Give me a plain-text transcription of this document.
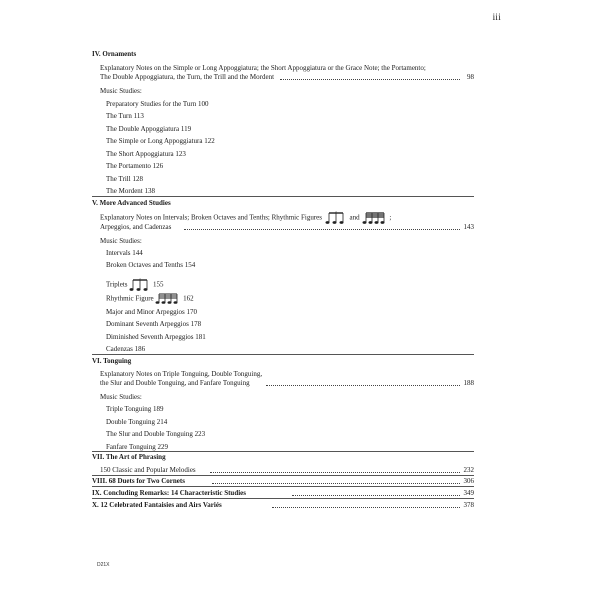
iii
IV. Ornaments
Explanatory Notes on the Simple or Long Appoggiatura; the Short Appoggiatura or the Grace Note; the Portamento;
The Double Appoggiatura, the Turn, the Trill and the Mordent	98
Music Studies:
Preparatory Studies for the Turn 100
The Turn 113
The Double Appoggiatura 119
The Simple or Long Appoggiatura 122
The Short Appoggiatura 123
The Portamento 126
The Trill 128
The Mordent 138
V. More Advanced Studies
Explanatory Notes on Intervals; Broken Octaves and Tenths; Rhythmic Figures
3
and	;
Arpeggios, and Cadenzas	143
Music Studies:
Intervals 144
Broken Octaves and Tenths 154
Triplets
3
155
Rhythmic Figure	162
Major and Minor Arpeggios 170
Dominant Seventh Arpeggios 178
Diminished Seventh Arpeggios 181
Cadenzas 186
VI. Tonguing
Explanatory Notes on Triple Tonguing, Double Tonguing,
the Slur and Double Tonguing, and Fanfare Tonguing	188
Music Studies:
Triple Tonguing 189
Double Tonguing 214
The Slur and Double Tonguing 223
Fanfare Tonguing 229
VII. The Art of Phrasing
150 Classic and Popular Melodies	232
VIII. 68 Duets for Two Cornets	306
IX. Concluding Remarks: 14 Characteristic Studies	349
X. 12 Celebrated Fantaisies and Airs Variés	378
D21X
